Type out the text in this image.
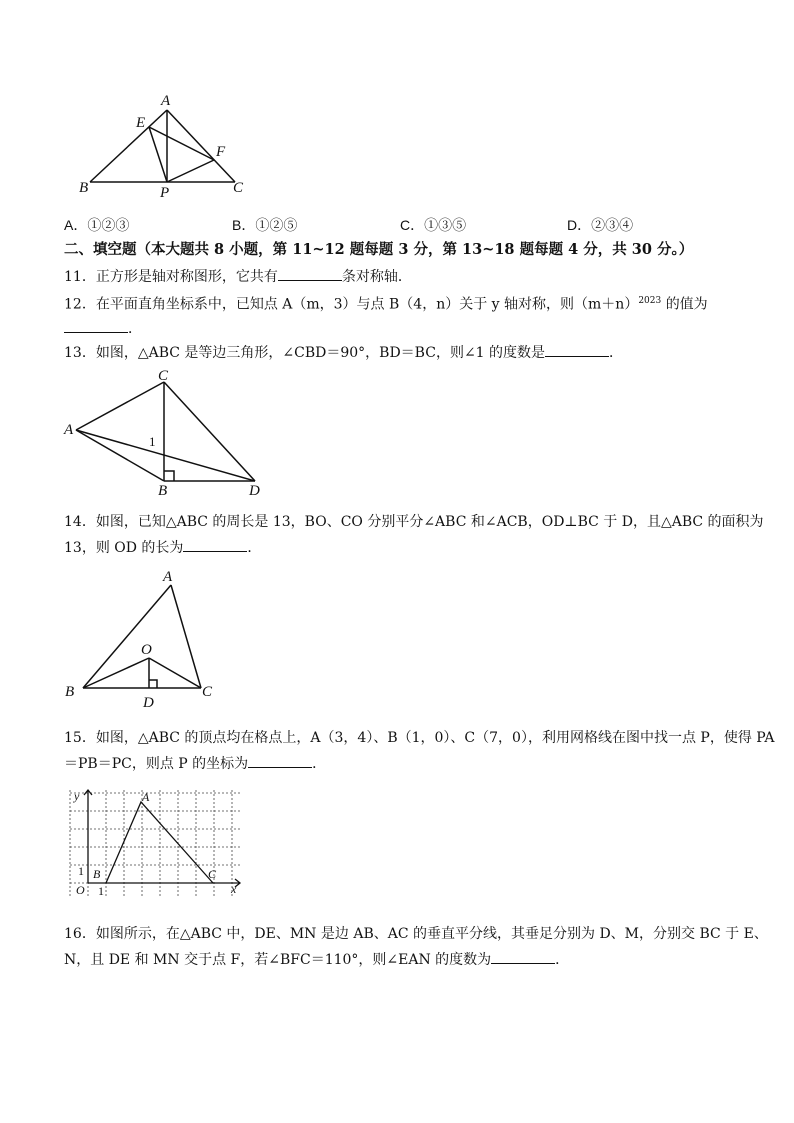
A
E
F
B	P	C
A．①②③	B．①②⑤	C．①③⑤	D．②③④
二、填空题（本大题共 8 小题，第 11~12 题每题 3 分，第 13~18 题每题 4 分，共 30 分。）
11．正方形是轴对称图形，它共有	条对称轴．
12．在平面直角坐标系中，已知点 A（m，3）与点 B（4，n）关于 y 轴对称，则$(m+n)^{2023}$ 的值为
．
13．如图，△ABC 是等边三角形，∠CBD＝90°，BD＝BC，则∠1 的度数是	．
C
A
1
B	D
14．如图，已知△ABC 的周长是 13，BO、CO 分别平分∠ABC 和∠ACB，OD⊥BC 于 D，且△ABC 的面积为
13，则 OD 的长为	．
A
O
B
D
C
15．如图，△ABC 的顶点均在格点上，A（3，4）、B（1，0）、C（7，0），利用网格线在图中找一点 P，使得 PA
＝PB＝PC，则点 P 的坐标为	．
y	A
B	C
O
1
1	x
16．如图所示，在△ABC 中，DE、MN 是边 AB、AC 的垂直平分线，其垂足分别为 D、M，分别交 BC 于 E、
N，且 DE 和 MN 交于点 F，若∠BFC＝110°，则∠EAN 的度数为	．
